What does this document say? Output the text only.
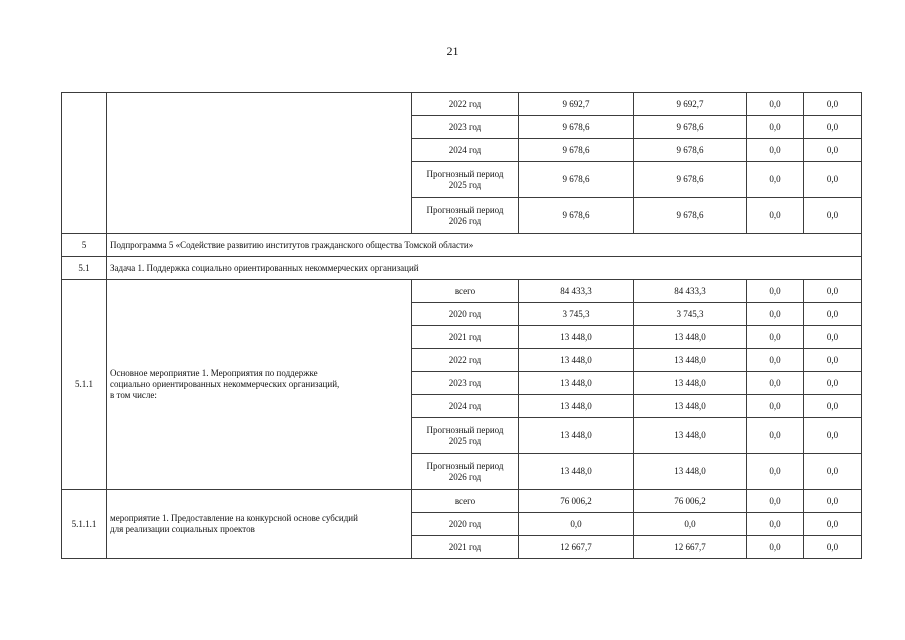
21
		2022 год	9 692,7	9 692,7	0,0	0,0
		2023 год	9 678,6	9 678,6	0,0	0,0
		2024 год	9 678,6	9 678,6	0,0	0,0
		Прогнозный период
2025 год	9 678,6	9 678,6	0,0	0,0
		Прогнозный период
2026 год	9 678,6	9 678,6	0,0	0,0
5	Подпрограмма 5 «Содействие развитию институтов гражданского общества Томской области»					
5.1	Задача 1. Поддержка социально ориентированных некоммерческих организаций					
5.1.1	Основное мероприятие 1. Мероприятия по поддержке
социально ориентированных некоммерческих организаций,
в том числе:	всего	84 433,3	84 433,3	0,0	0,0
		2020 год	3 745,3	3 745,3	0,0	0,0
		2021 год	13 448,0	13 448,0	0,0	0,0
		2022 год	13 448,0	13 448,0	0,0	0,0
		2023 год	13 448,0	13 448,0	0,0	0,0
		2024 год	13 448,0	13 448,0	0,0	0,0
		Прогнозный период
2025 год	13 448,0	13 448,0	0,0	0,0
		Прогнозный период
2026 год	13 448,0	13 448,0	0,0	0,0
5.1.1.1	мероприятие 1. Предоставление на конкурсной основе субсидий
для реализации социальных проектов	всего	76 006,2	76 006,2	0,0	0,0
		2020 год	0,0	0,0	0,0	0,0
		2021 год	12 667,7	12 667,7	0,0	0,0
